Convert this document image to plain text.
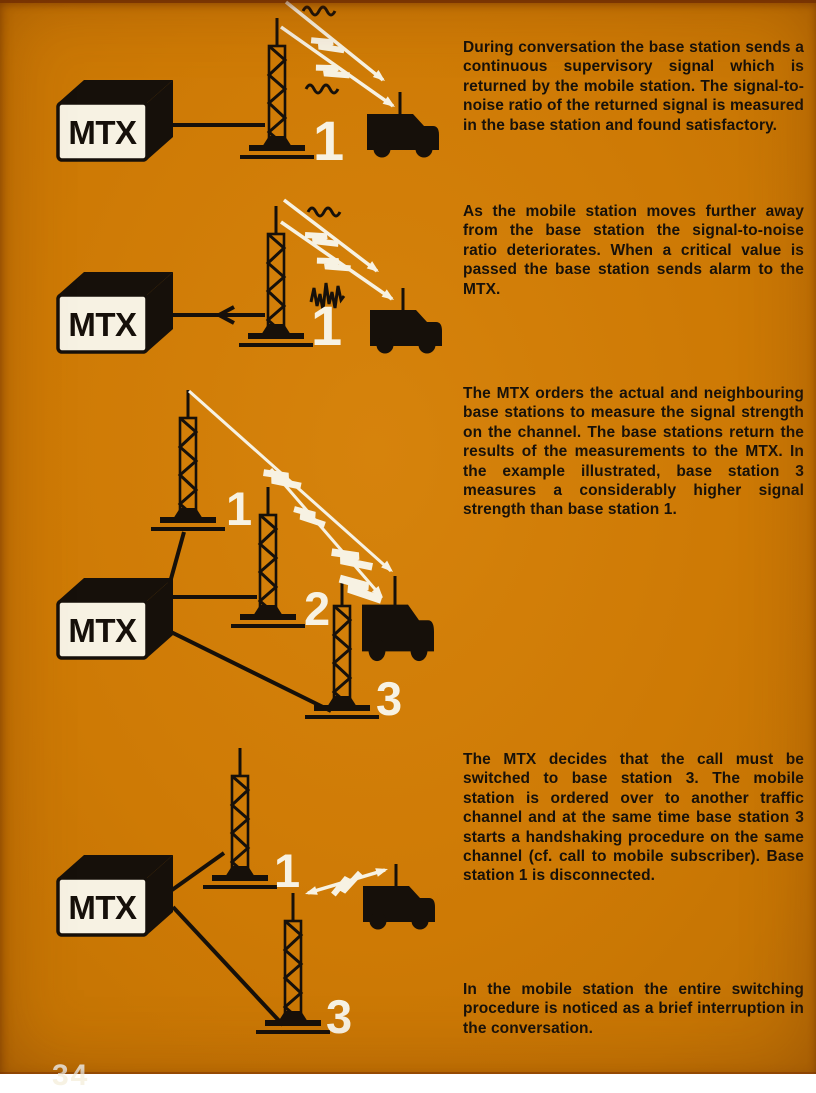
MTX	1
MTX	1
MTX
1
2
3
MTX
1
3
During conversation the base station sends a continuous supervisory signal which is returned by the mobile station. The signal-to-noise ratio of the returned signal is measured in the base station and found satisfactory.
As the mobile station moves further away from the base station the signal-to-noise ratio deteriorates. When a critical value is passed the base station sends alarm to the MTX.
The MTX orders the actual and neighbouring base stations to measure the signal strength on the channel. The base stations return the results of the measurements to the MTX. In the example illustrated, base station 3 measures a considerably higher signal strength than base station 1.
The MTX decides that the call must be switched to base station 3. The mobile station is ordered over to another traffic channel and at the same time base station 3 starts a handshaking procedure on the same channel (cf. call to mobile subscriber). Base station 1 is disconnected.
In the mobile station the entire switching procedure is noticed as a brief interruption in the conversation.
34
